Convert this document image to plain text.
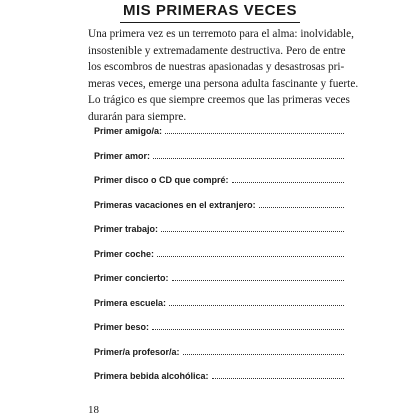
MIS PRIMERAS VECES

Una primera vez es un terremoto para el alma: inolvidable,
insostenible y extremadamente destructiva. Pero de entre
los escombros de nuestras apasionadas y desastrosas pri-
meras veces, emerge una persona adulta fascinante y fuerte.
Lo trágico es que siempre creemos que las primeras veces
durarán para siempre.

Primer amigo/a:
Primer amor:
Primer disco o CD que compré:
Primeras vacaciones en el extranjero:
Primer trabajo:
Primer coche:
Primer concierto:
Primera escuela:
Primer beso:
Primer/a profesor/a:
Primera bebida alcohólica:
18
